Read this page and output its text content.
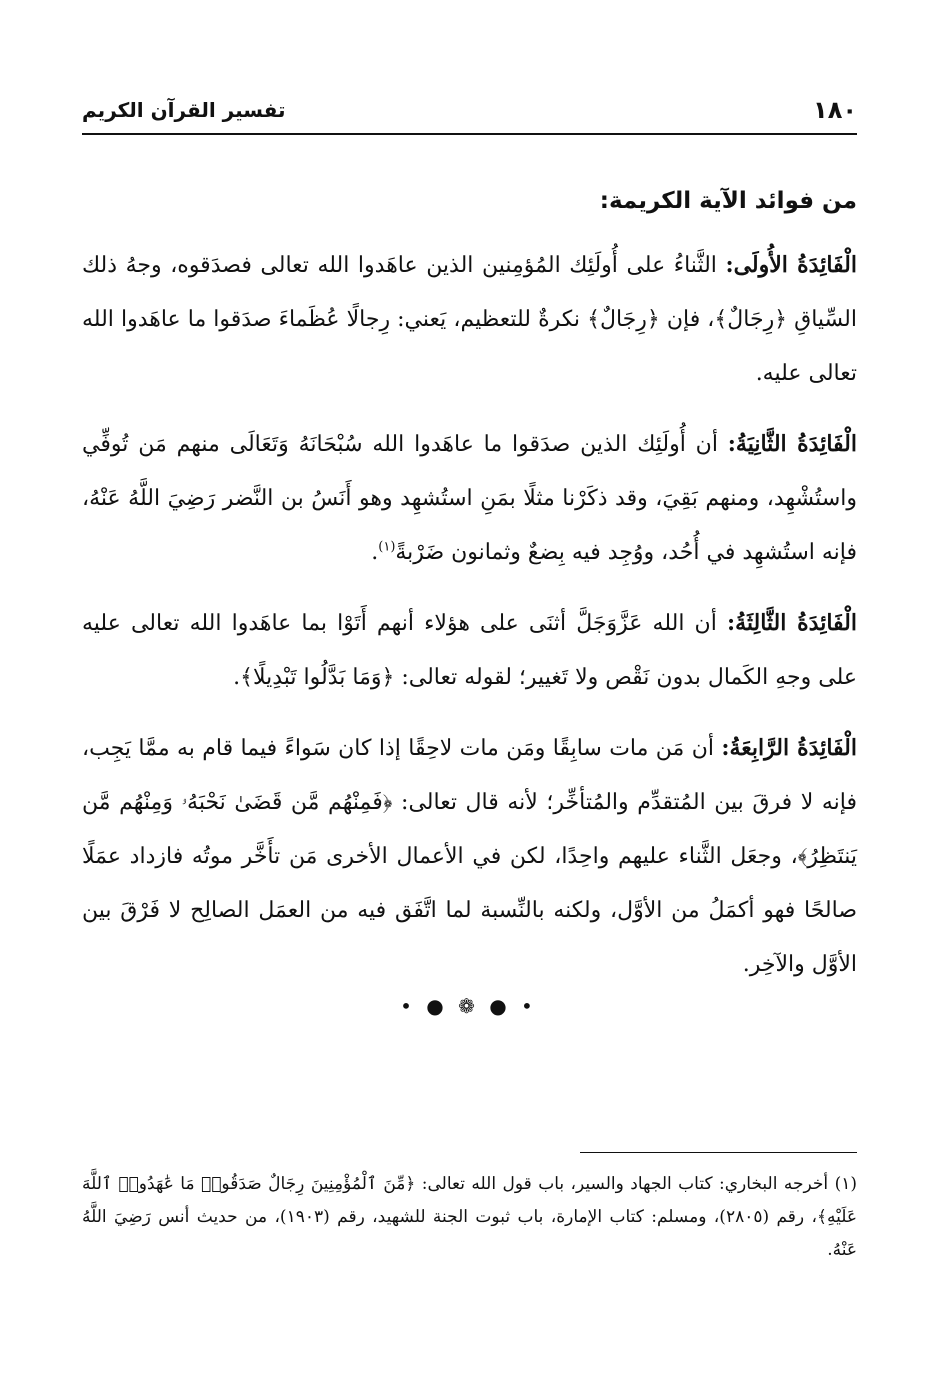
١٨٠
تفسير القرآن الكريم
من فوائد الآية الكريمة:

الْفَائِدَةُ الأُولَى: الثَّناءُ على أُولَئِك المُؤمِنين الذين عاهَدوا الله تعالى فصدَقوه، وجهُ ذلك السِّياقِ ﴿رِجَالٌ﴾، فإن ﴿رِجَالٌ﴾ نكرةٌ للتعظيم، يَعني: رِجالًا عُظَماءَ صدَقوا ما عاهَدوا الله تعالى عليه.

الْفَائِدَةُ الثَّانِيَةُ: أن أُولَئِك الذين صدَقوا ما عاهَدوا الله سُبْحَانَهُ وَتَعَالَى منهم مَن تُوفِّي واستُشْهِد، ومنهم بَقِيَ، وقد ذكَرْنا مثلًا بمَنِ استُشهِد وهو أَنَسُ بن النَّضر رَضِيَ اللَّهُ عَنْهُ، فإنه استُشهِد في أُحُد، ووُجِد فيه بِضعٌ وثمانون ضَرْبةً$^{(١)}$.

الْفَائِدَةُ الثَّالِثَةُ: أن الله عَزَّوَجَلَّ أثنَى على هؤلاء أنهم أَتَوْا بما عاهَدوا الله تعالى عليه على وجهِ الكَمال بدون نَقْص ولا تَغيير؛ لقوله تعالى: ﴿وَمَا بَدَّلُوا تَبْدِيلًا﴾.

الْفَائِدَةُ الرَّابِعَةُ: أن مَن مات سابِقًا ومَن مات لاحِقًا إذا كان سَواءً فيما قام به ممَّا يَجِب، فإنه لا فرقَ بين المُتقدِّم والمُتأخِّر؛ لأنه قال تعالى: ﴿فَمِنْهُم مَّن قَضَىٰ نَحْبَهُۥ وَمِنْهُم مَّن يَنتَظِرُ﴾، وجعَل الثَّناء عليهم واحِدًا، لكن في الأعمال الأخرى مَن تأَخَّر موتُه فازداد عمَلًا صالحًا فهو أكمَلُ من الأوَّل، ولكنه بالنِّسبة لما اتَّفَق فيه من العمَل الصالِح لا فَرْقَ بين الأوَّل والآخِر.

• ● ❁ ● •
(١) أخرجه البخاري: كتاب الجهاد والسير، باب قول الله تعالى: ﴿مِّنَ ٱلْمُؤْمِنِينَ رِجَالٌ صَدَقُوا۟ مَا عَٰهَدُوا۟ ٱللَّهَ عَلَيْهِ﴾، رقم (٢٨٠٥)، ومسلم: كتاب الإمارة، باب ثبوت الجنة للشهيد، رقم (١٩٠٣)، من حديث أنس رَضِيَ اللَّهُ عَنْهُ.
